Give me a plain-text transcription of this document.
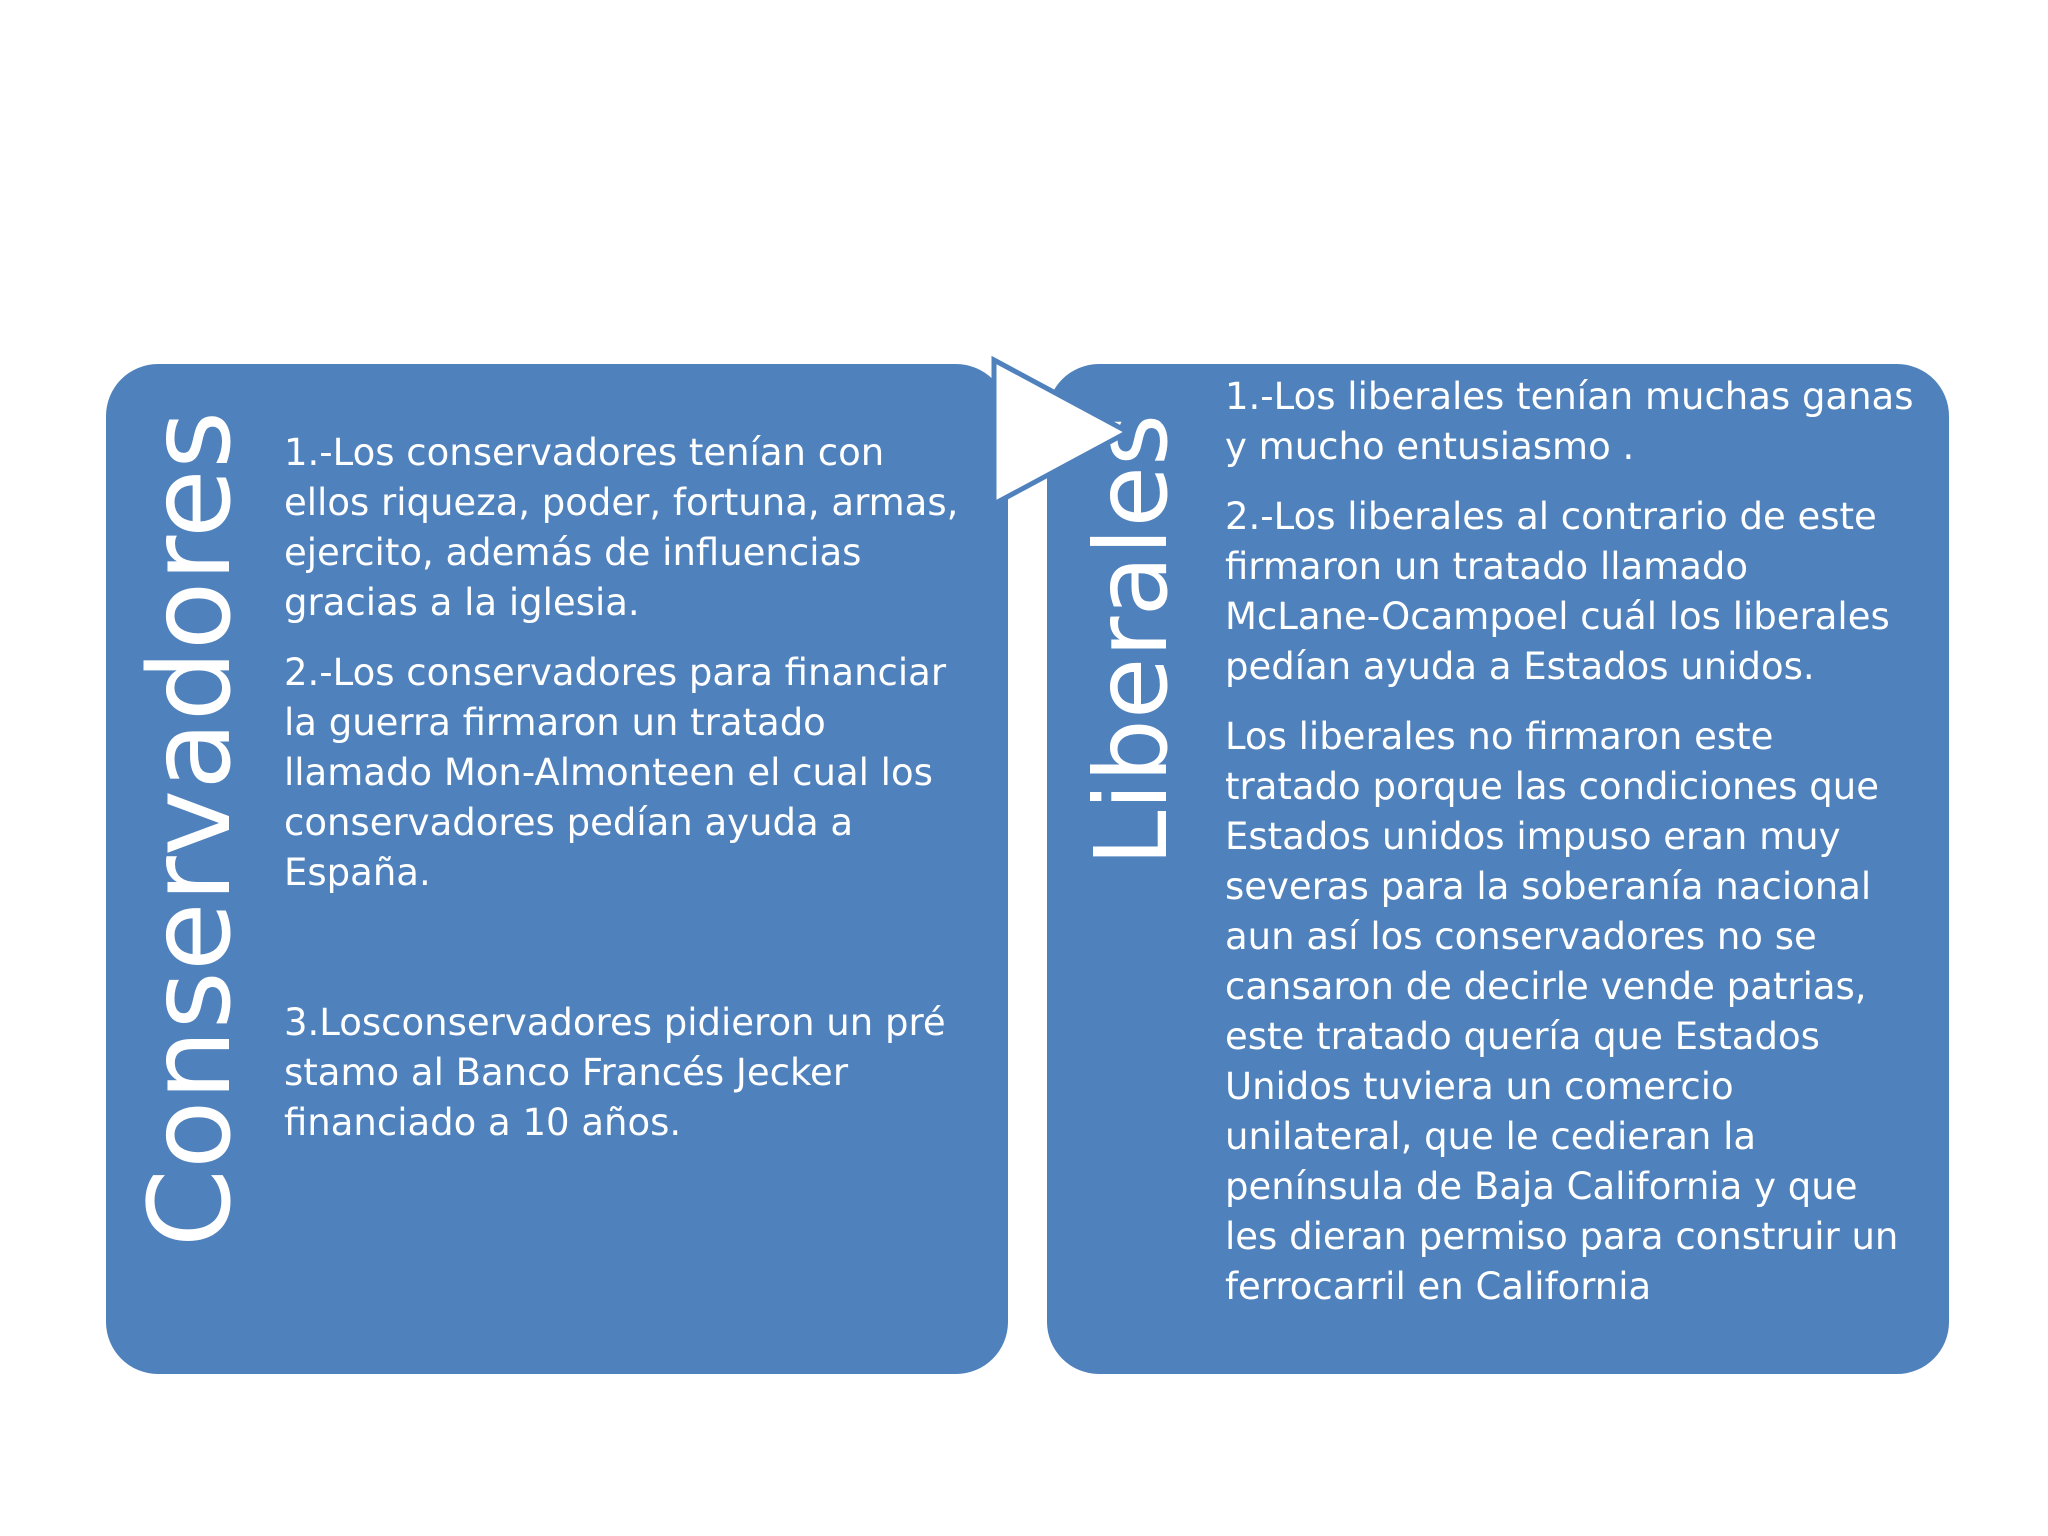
Conservadores 1.-Los conservadores tenían con ellos riqueza, poder, fortuna, armas, ejercito, además de influencias gracias a la iglesia.

2.-Los conservadores para financiar la guerra firmaron un tratado llamado Mon-Almonteen el cual los conservadores pedían ayuda a España.

3.Losconservadores pidieron un pré stamo al Banco Francés Jecker financiado a 10 años.

Liberales

1.-Los liberales tenían muchas ganas y mucho entusiasmo .

2.-Los liberales al contrario de este firmaron un tratado llamado McLane-Ocampoel cuál los liberales pedían ayuda a Estados unidos.

Los liberales no firmaron este tratado porque las condiciones que Estados unidos impuso eran muy severas para la soberanía nacional aun así los conservadores no se cansaron de decirle vende patrias, este tratado quería que Estados Unidos tuviera un comercio unilateral, que le cedieran la península de Baja California y que les dieran permiso para construir un ferrocarril en California
